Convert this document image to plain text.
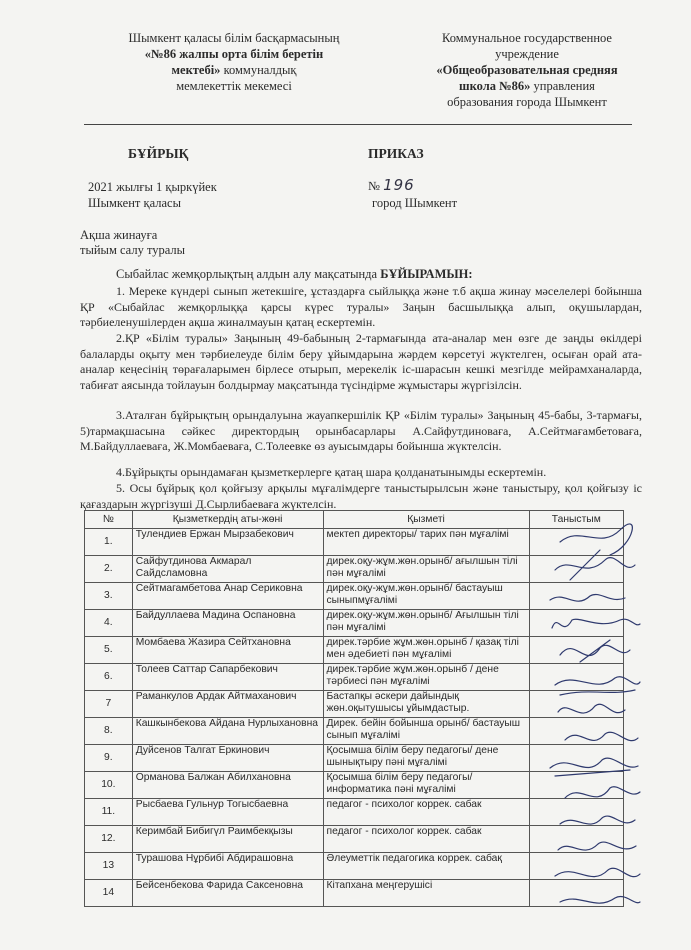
Шымкент қаласы білім басқармасының
«№86 жалпы орта білім беретін
мектебі» коммуналдық
мемлекеттік мекемесі
Коммунальное государственное
учреждение
«Общеобразовательная средняя
школа №86» управления
образования города Шымкент
БҰЙРЫҚ	ПРИКАЗ
2021 жылғы 1 қыркүйек
Шымкент қаласы
№ 196
город Шымкент
Ақша жинауға
тыйым салу туралы
Сыбайлас жемқорлықтың алдын алу мақсатында БҰЙЫРАМЫН:
1. Мереке күндері сынып жетекшіге, ұстаздарға сыйлыққа және т.б ақша жинау мәселелері бойынша ҚР «Сыбайлас жемқорлыққа қарсы күрес туралы» Заңын басшылыққа алып, оқушылардан, тәрбиеленушілерден ақша жиналмауын қатаң ескертемін.
2.ҚР «Білім туралы» Заңының 49-бабының 2-тармағында ата-аналар мен өзге де заңды өкілдері балаларды оқыту мен тәрбиелеуде білім беру ұйымдарына жәрдем көрсетуі жүктелген, осыған орай ата-аналар кеңесінің төрағаларымен бірлесе отырып, мерекелік іс-шарасын кешкі мезгілде мейрамханаларда, табиғат аясында тойлауын болдырмау мақсатында түсіндірме жұмыстары жүргізілсін.
3.Аталған бұйрықтың орындалуына жауапкершілік ҚР «Білім туралы» Заңының 45-бабы, 3-тармағы, 5)тармақшасына сәйкес директордың орынбасарлары А.Сайфутдиноваға, А.Сейтмағамбетоваға, М.Байдуллаеваға, Ж.Момбаеваға, С.Толеевке өз ауысымдары бойынша жүктелсін.
4.Бұйрықты орындамаған қызметкерлерге қатаң шара қолданатынымды ескертемін.
5. Осы бұйрық қол қойғызу арқылы мұғалімдерге таныстырылсын және таныстыру, қол қойғызу іс қағаздарын жүргізуші Д.Сырлибаеваға жүктелсін.
№	Қызметкердің аты-жөні	Қызметі	Таныстым
1.	Тулендиев Ержан Мырзабекович	мектеп директоры/ тарих пән мұғалімі	
2.	Сайфутдинова Акмарал Сайдсламовна	дирек.оқу-жұм.жөн.орынб/ ағылшын тілі пән мұғалімі	
3.	Сейтмагамбетова Анар Сериковна	дирек.оқу-жұм.жөн.орынб/ бастауыш сыныпмұғалімі	
4.	Байдуллаева Мадина Оспановна	дирек.оқу-жұм.жөн.орынб/ Ағылшын тілі пән мұғалімі	
5.	Момбаева Жазира Сейтхановна	дирек.тәрбие жұм.жөн.орынб / қазақ тілі мен әдебиеті пән мұғалімі	
6.	Толеев Саттар Сапарбекович	дирек.тәрбие жұм.жөн.орынб / дене тәрбиесі пән мұғалімі	
7	Раманкулов Ардак Айтмаханович	Бастапқы әскери дайындық жөн.оқытушысы ұйымдастыр.	
8.	Кашкынбекова Айдана Нурлыхановна	Дирек. бейін бойынша орынб/ бастауыш сынып мұғалімі	
9.	Дуйсенов Талгат Еркинович	Қосымша білім беру педагогы/ дене шынықтыру пәні мұғалімі	
10.	Орманова Балжан Абилхановна	Қосымша білім беру педагогы/информатика пәні мұғалімі	
11.	Рысбаева Гульнур Тогысбаевна	педагог - психолог коррек. сабак	
12.	Керимбай Бибигүл Раимбекқызы	педагог - психолог коррек. сабак	
13	Турашова Нұрбибі Абдирашовна	Әлеуметтік педагогика коррек. сабақ	
14	Бейсенбекова Фарида Саксеновна	Кітапхана меңгерушісі	
